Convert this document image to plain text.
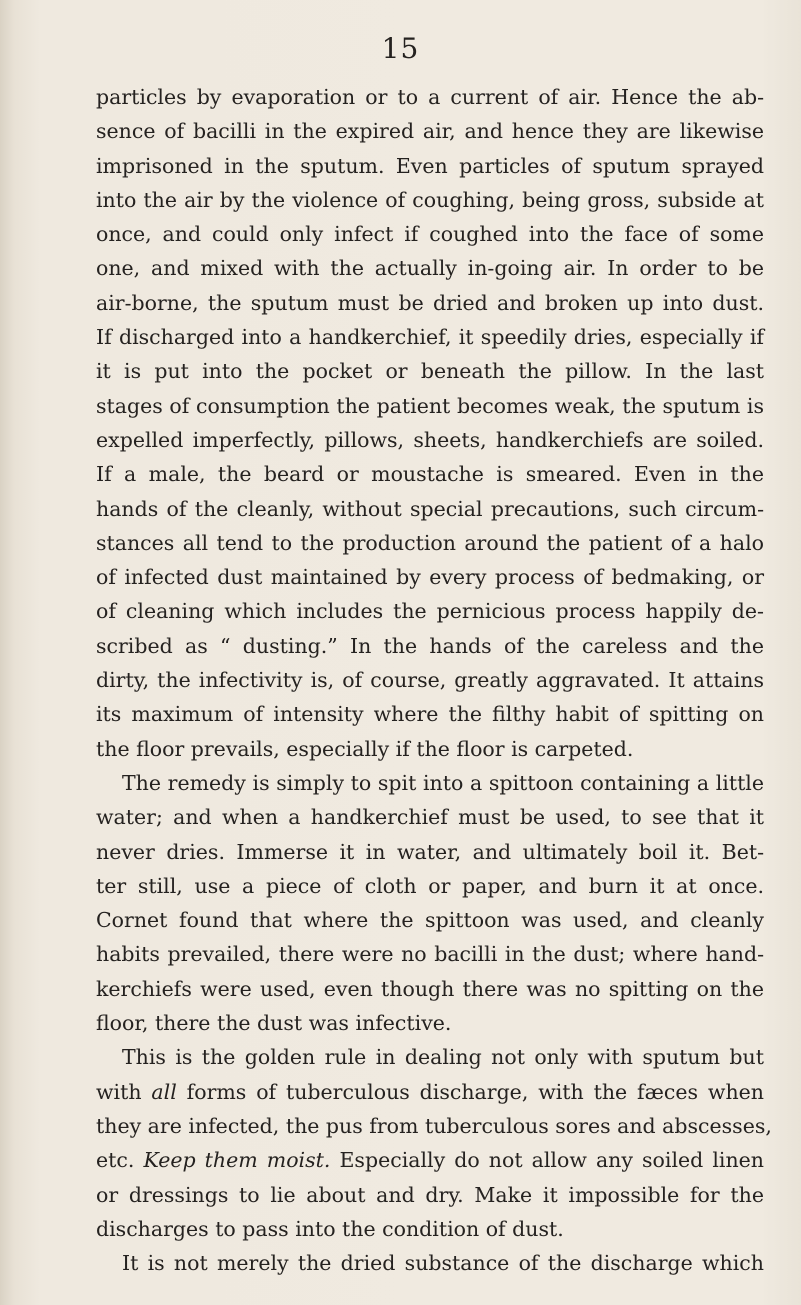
15
particles by evaporation or to a current of air. Hence the ab-
sence of bacilli in the expired air, and hence they are likewise
imprisoned in the sputum. Even particles of sputum sprayed
into the air by the violence of coughing, being gross, subside at
once, and could only infect if coughed into the face of some
one, and mixed with the actually in-going air. In order to be
air-borne, the sputum must be dried and broken up into dust.
If discharged into a handkerchief, it speedily dries, especially if
it is put into the pocket or beneath the pillow. In the last
stages of consumption the patient becomes weak, the sputum is
expelled imperfectly, pillows, sheets, handkerchiefs are soiled.
If a male, the beard or moustache is smeared. Even in the
hands of the cleanly, without special precautions, such circum-
stances all tend to the production around the patient of a halo
of infected dust maintained by every process of bedmaking, or
of cleaning which includes the pernicious process happily de-
scribed as “ dusting.” In the hands of the careless and the
dirty, the infectivity is, of course, greatly aggravated. It attains
its maximum of intensity where the filthy habit of spitting on
the floor prevails, especially if the floor is carpeted.
The remedy is simply to spit into a spittoon containing a little
water; and when a handkerchief must be used, to see that it
never dries. Immerse it in water, and ultimately boil it. Bet-
ter still, use a piece of cloth or paper, and burn it at once.
Cornet found that where the spittoon was used, and cleanly
habits prevailed, there were no bacilli in the dust; where hand-
kerchiefs were used, even though there was no spitting on the
floor, there the dust was infective.
This is the golden rule in dealing not only with sputum but
with all forms of tuberculous discharge, with the fæces when
they are infected, the pus from tuberculous sores and abscesses,
etc. Keep them moist. Especially do not allow any soiled linen
or dressings to lie about and dry. Make it impossible for the
discharges to pass into the condition of dust.
It is not merely the dried substance of the discharge which
